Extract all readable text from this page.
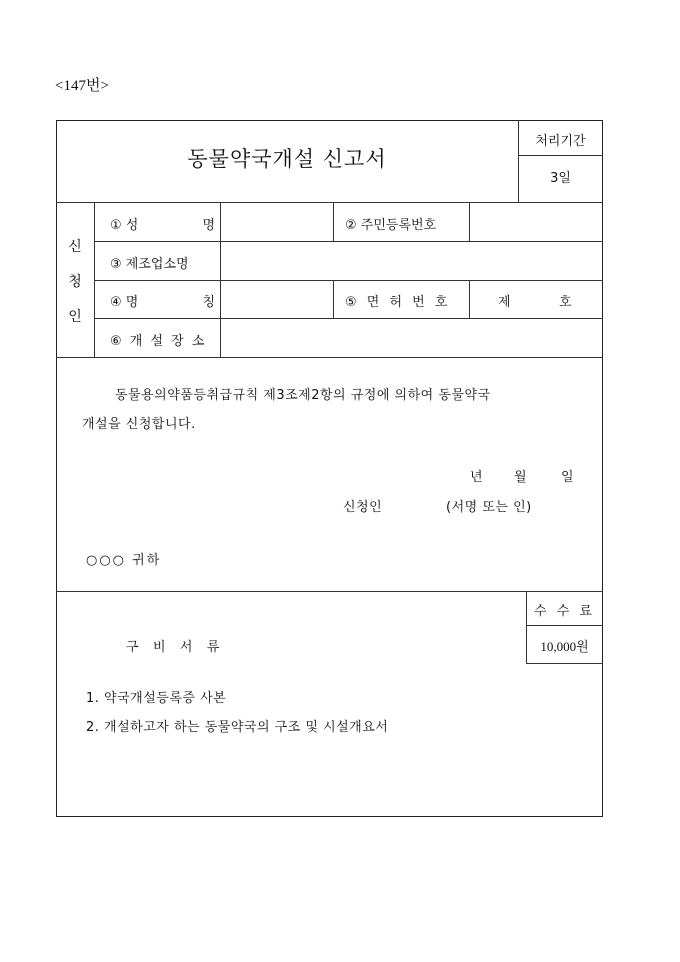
<147번>
동물약국개설 신고서
처리기간
3일
신
청
인
① 성	명	② 주민등록번호
③ 제조업소명
④ 명	칭	⑤ 면 허 번 호	제	호
⑥ 개 설 장 소
동물용의약품등취급규칙 제3조제2항의 규정에 의하여 동물약국
개설을 신청합니다.
년 월	일
신청인	(서명 또는 인)
○○○ 귀하
수 수 료
10,000원
구   비   서   류
1. 약국개설등록증 사본
2. 개설하고자 하는 동물약국의 구조 및 시설개요서
